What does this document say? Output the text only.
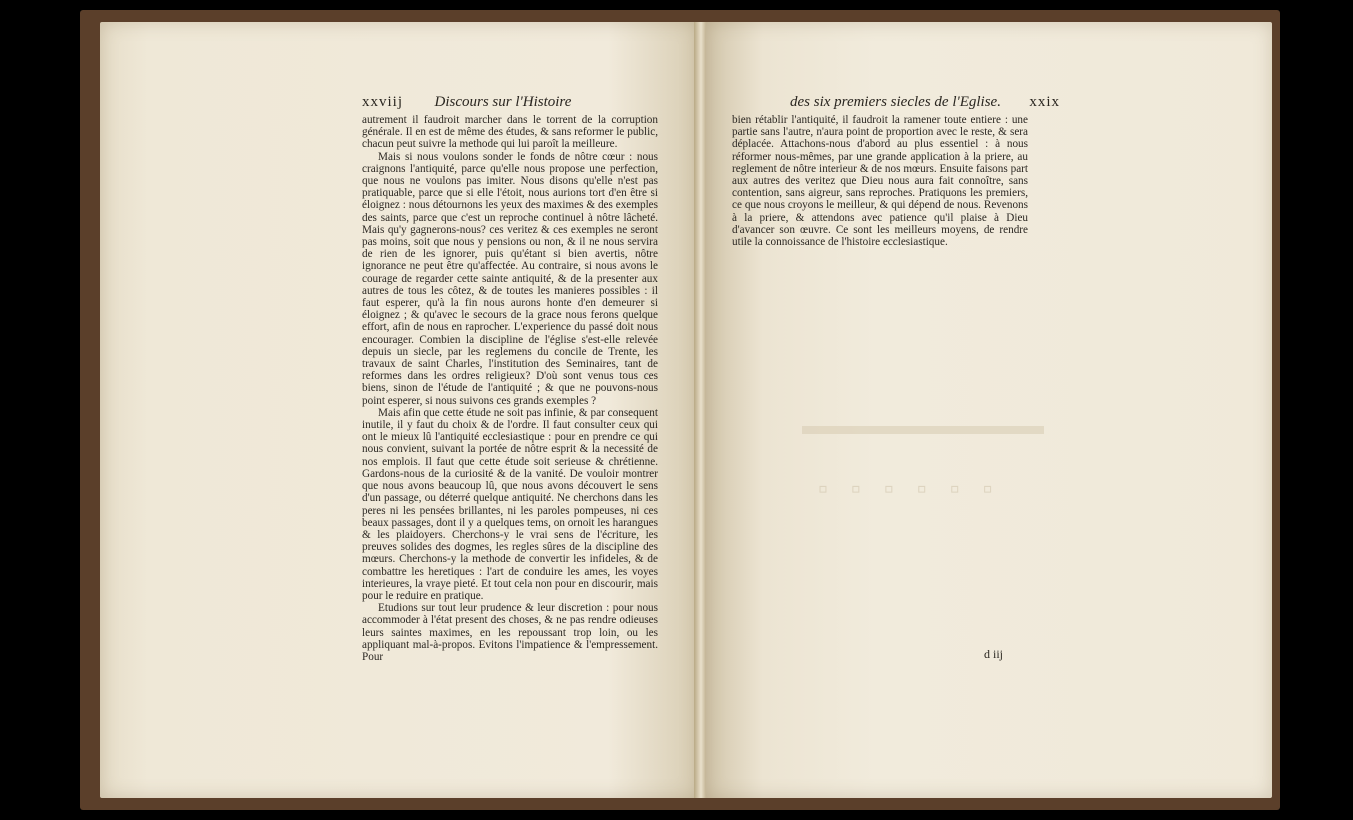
xxviij Discours sur l'Histoire

autrement il faudroit marcher dans le torrent de la corruption générale. Il en est de même des études, & sans reformer le public, chacun peut suivre la methode qui lui paroît la meilleure.

Mais si nous voulons sonder le fonds de nôtre cœur : nous craignons l'antiquité, parce qu'elle nous propose une perfection, que nous ne voulons pas imiter. Nous disons qu'elle n'est pas pratiquable, parce que si elle l'étoit, nous aurions tort d'en être si éloignez : nous détournons les yeux des maximes & des exemples des saints, parce que c'est un reproche continuel à nôtre lâcheté. Mais qu'y gagnerons-nous? ces veritez & ces exemples ne seront pas moins, soit que nous y pensions ou non, & il ne nous servira de rien de les ignorer, puis qu'étant si bien avertis, nôtre ignorance ne peut être qu'affectée. Au contraire, si nous avons le courage de regarder cette sainte antiquité, & de la presenter aux autres de tous les côtez, & de toutes les manieres possibles : il faut esperer, qu'à la fin nous aurons honte d'en demeurer si éloignez ; & qu'avec le secours de la grace nous ferons quelque effort, afin de nous en raprocher. L'experience du passé doit nous encourager. Combien la discipline de l'église s'est-elle relevée depuis un siecle, par les reglemens du concile de Trente, les travaux de saint Charles, l'institution des Seminaires, tant de reformes dans les ordres religieux? D'où sont venus tous ces biens, sinon de l'étude de l'antiquité ; & que ne pouvons-nous point esperer, si nous suivons ces grands exemples ?

Mais afin que cette étude ne soit pas infinie, & par consequent inutile, il y faut du choix & de l'ordre. Il faut consulter ceux qui ont le mieux lû l'antiquité ecclesiastique : pour en prendre ce qui nous convient, suivant la portée de nôtre esprit & la necessité de nos emplois. Il faut que cette étude soit serieuse & chrétienne. Gardons-nous de la curiosité & de la vanité. De vouloir montrer que nous avons beaucoup lû, que nous avons découvert le sens d'un passage, ou déterré quelque antiquité. Ne cherchons dans les peres ni les pensées brillantes, ni les paroles pompeuses, ni ces beaux passages, dont il y a quelques tems, on ornoit les harangues & les plaidoyers. Cherchons-y le vrai sens de l'écriture, les preuves solides des dogmes, les regles sûres de la discipline des mœurs. Cherchons-y la methode de convertir les infideles, & de combattre les heretiques : l'art de conduire les ames, les voyes interieures, la vraye pieté. Et tout cela non pour en discourir, mais pour le reduire en pratique.

Etudions sur tout leur prudence & leur discretion : pour nous accommoder à l'état present des choses, & ne pas rendre odieuses leurs saintes maximes, en les repoussant trop loin, ou les appliquant mal-à-propos. Evitons l'impatience & l'empressement. Pour

des six premiers siecles de l'Eglise. xxix

bien rétablir l'antiquité, il faudroit la ramener toute entiere : une partie sans l'autre, n'aura point de proportion avec le reste, & sera déplacée. Attachons-nous d'abord au plus essentiel : à nous réformer nous-mêmes, par une grande application à la priere, au reglement de nôtre interieur & de nos mœurs. Ensuite faisons part aux autres des veritez que Dieu nous aura fait connoître, sans contention, sans aigreur, sans reproches. Pratiquons les premiers, ce que nous croyons le meilleur, & qui dépend de nous. Revenons à la priere, & attendons avec patience qu'il plaise à Dieu d'avancer son œuvre. Ce sont les meilleurs moyens, de rendre utile la connoissance de l'histoire ecclesiastique.

▫ ▫ ▫ ▫ ▫ ▫
d iij
